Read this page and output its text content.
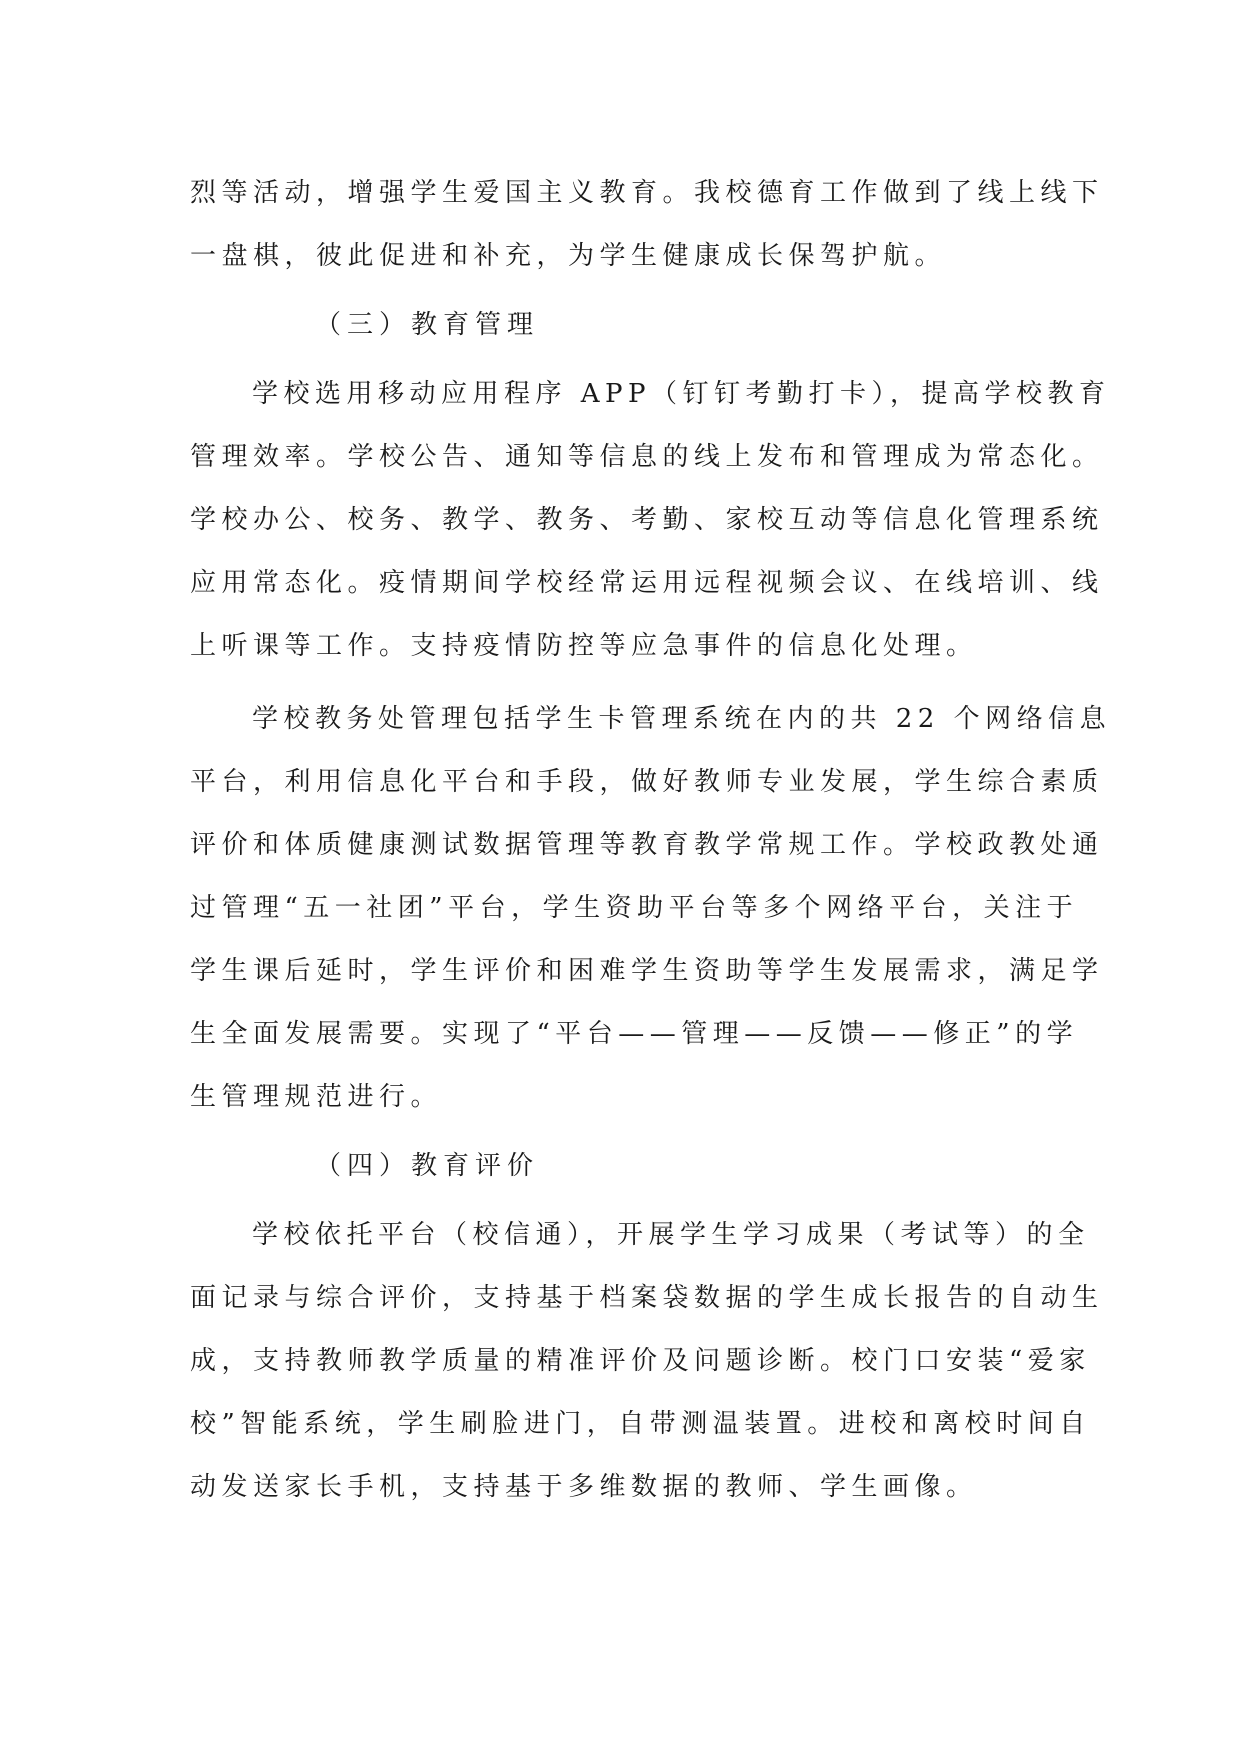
烈等活动，增强学生爱国主义教育。我校德育工作做到了线上线下
一盘棋，彼此促进和补充，为学生健康成长保驾护航。
（三）教育管理
学校选用移动应用程序 APP（钉钉考勤打卡），提高学校教育
管理效率。学校公告、通知等信息的线上发布和管理成为常态化。
学校办公、校务、教学、教务、考勤、家校互动等信息化管理系统
应用常态化。疫情期间学校经常运用远程视频会议、在线培训、线
上听课等工作。支持疫情防控等应急事件的信息化处理。
学校教务处管理包括学生卡管理系统在内的共 22 个网络信息
平台，利用信息化平台和手段，做好教师专业发展，学生综合素质
评价和体质健康测试数据管理等教育教学常规工作。学校政教处通
过管理“五一社团”平台，学生资助平台等多个网络平台，关注于
学生课后延时，学生评价和困难学生资助等学生发展需求，满足学
生全面发展需要。实现了“平台——管理——反馈——修正”的学
生管理规范进行。
（四）教育评价
学校依托平台（校信通），开展学生学习成果（考试等）的全
面记录与综合评价，支持基于档案袋数据的学生成长报告的自动生
成，支持教师教学质量的精准评价及问题诊断。校门口安装“爱家
校”智能系统，学生刷脸进门，自带测温装置。进校和离校时间自
动发送家长手机，支持基于多维数据的教师、学生画像。
